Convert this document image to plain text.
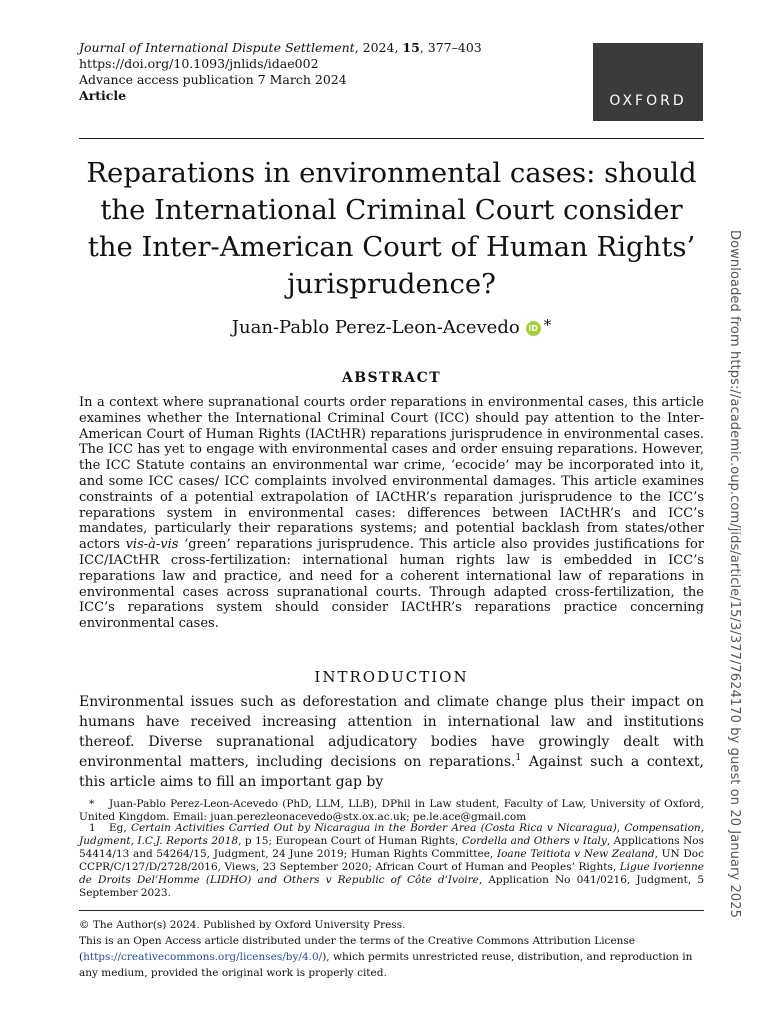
Journal of International Dispute Settlement, 2024, 15, 377–403
https://doi.org/10.1093/jnlids/idae002
Advance access publication 7 March 2024
Article	OXFORD
Reparations in environmental cases: should the International Criminal Court consider the Inter-American Court of Human Rights’ jurisprudence?
Juan-Pablo Perez-Leon-Acevedo iD *
ABSTRACT

In a context where supranational courts order reparations in environmental cases, this article examines whether the International Criminal Court (ICC) should pay attention to the Inter-American Court of Human Rights (IACtHR) reparations jurisprudence in environmental cases. The ICC has yet to engage with environmental cases and order ensuing reparations. However, the ICC Statute contains an environmental war crime, ‘ecocide’ may be incorporated into it, and some ICC cases/ ICC complaints involved environmental damages. This article examines constraints of a potential extrapolation of IACtHR’s reparation jurisprudence to the ICC’s reparations system in environmental cases: differences between IACtHR’s and ICC’s mandates, particularly their reparations systems; and potential backlash from states/other actors vis-à-vis ‘green’ reparations jurisprudence. This article also provides justifications for ICC/IACtHR cross-fertilization: international human rights law is embedded in ICC’s reparations law and practice, and need for a coherent international law of reparations in environmental cases across supranational courts. Through adapted cross-fertilization, the ICC’s reparations system should consider IACtHR’s reparations practice concerning environmental cases.

INTRODUCTION

Environmental issues such as deforestation and climate change plus their impact on humans have received increasing attention in international law and institutions thereof. Diverse supranational adjudicatory bodies have growingly dealt with environmental matters, including decisions on reparations.$^1$ Against such a context, this article aims to fill an important gap by

* Juan-Pablo Perez-Leon-Acevedo (PhD, LLM, LLB), DPhil in Law student, Faculty of Law, University of Oxford, United Kingdom. Email: juan.perezleonacevedo@stx.ox.ac.uk; pe.le.ace@gmail.com

1 Eg, Certain Activities Carried Out by Nicaragua in the Border Area (Costa Rica v Nicaragua), Compensation, Judgment, I.C.J. Reports 2018, p 15; European Court of Human Rights, Cordella and Others v Italy, Applications Nos 54414/13 and 54264/15, Judgment, 24 June 2019; Human Rights Committee, Ioane Teitiota v New Zealand, UN Doc CCPR/C/127/D/2728/2016, Views, 23 September 2020; African Court of Human and Peoples’ Rights, Ligue Ivorienne de Droits Del’Homme (LIDHO) and Others v Republic of Côte d’Ivoire, Application No 041/0216, Judgment, 5 September 2023.

© The Author(s) 2024. Published by Oxford University Press.
This is an Open Access article distributed under the terms of the Creative Commons Attribution License (https://creativecommons.org/licenses/by/4.0/), which permits unrestricted reuse, distribution, and reproduction in any medium, provided the original work is properly cited.
Downloaded from https://academic.oup.com/jids/article/15/3/377/7624170 by guest on 20 January 2025
